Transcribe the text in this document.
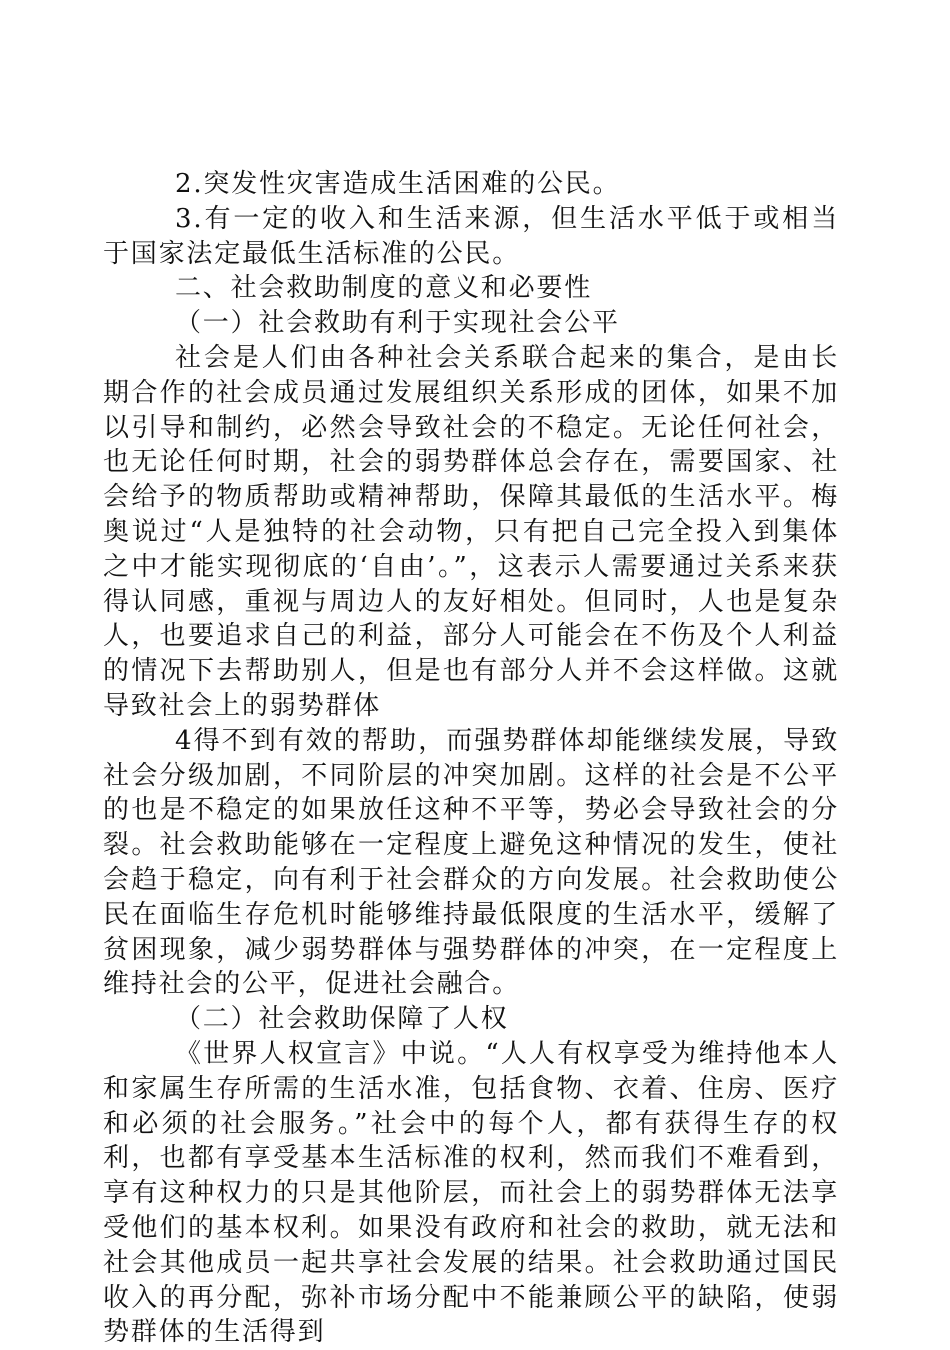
2.突发性灾害造成生活困难的公民。

3.有一定的收入和生活来源，但生活水平低于或相当于国家法定最低生活标准的公民。

二、社会救助制度的意义和必要性

（一）社会救助有利于实现社会公平

社会是人们由各种社会关系联合起来的集合，是由长期合作的社会成员通过发展组织关系形成的团体，如果不加以引导和制约，必然会导致社会的不稳定。无论任何社会，也无论任何时期，社会的弱势群体总会存在，需要国家、社会给予的物质帮助或精神帮助，保障其最低的生活水平。梅奥说过“人是独特的社会动物，只有把自己完全投入到集体之中才能实现彻底的‘自由’。”，这表示人需要通过关系来获得认同感，重视与周边人的友好相处。但同时，人也是复杂人，也要追求自己的利益，部分人可能会在不伤及个人利益的情况下去帮助别人，但是也有部分人并不会这样做。这就导致社会上的弱势群体

4得不到有效的帮助，而强势群体却能继续发展，导致社会分级加剧，不同阶层的冲突加剧。这样的社会是不公平的也是不稳定的如果放任这种不平等，势必会导致社会的分裂。社会救助能够在一定程度上避免这种情况的发生，使社会趋于稳定，向有利于社会群众的方向发展。社会救助使公民在面临生存危机时能够维持最低限度的生活水平，缓解了贫困现象，减少弱势群体与强势群体的冲突，在一定程度上维持社会的公平，促进社会融合。

（二）社会救助保障了人权

《世界人权宣言》中说。“人人有权享受为维持他本人和家属生存所需的生活水准，包括食物、衣着、住房、医疗和必须的社会服务。”社会中的每个人，都有获得生存的权利，也都有享受基本生活标准的权利，然而我们不难看到，享有这种权力的只是其他阶层，而社会上的弱势群体无法享受他们的基本权利。如果没有政府和社会的救助，就无法和社会其他成员一起共享社会发展的结果。社会救助通过国民收入的再分配，弥补市场分配中不能兼顾公平的缺陷，使弱势群体的生活得到
